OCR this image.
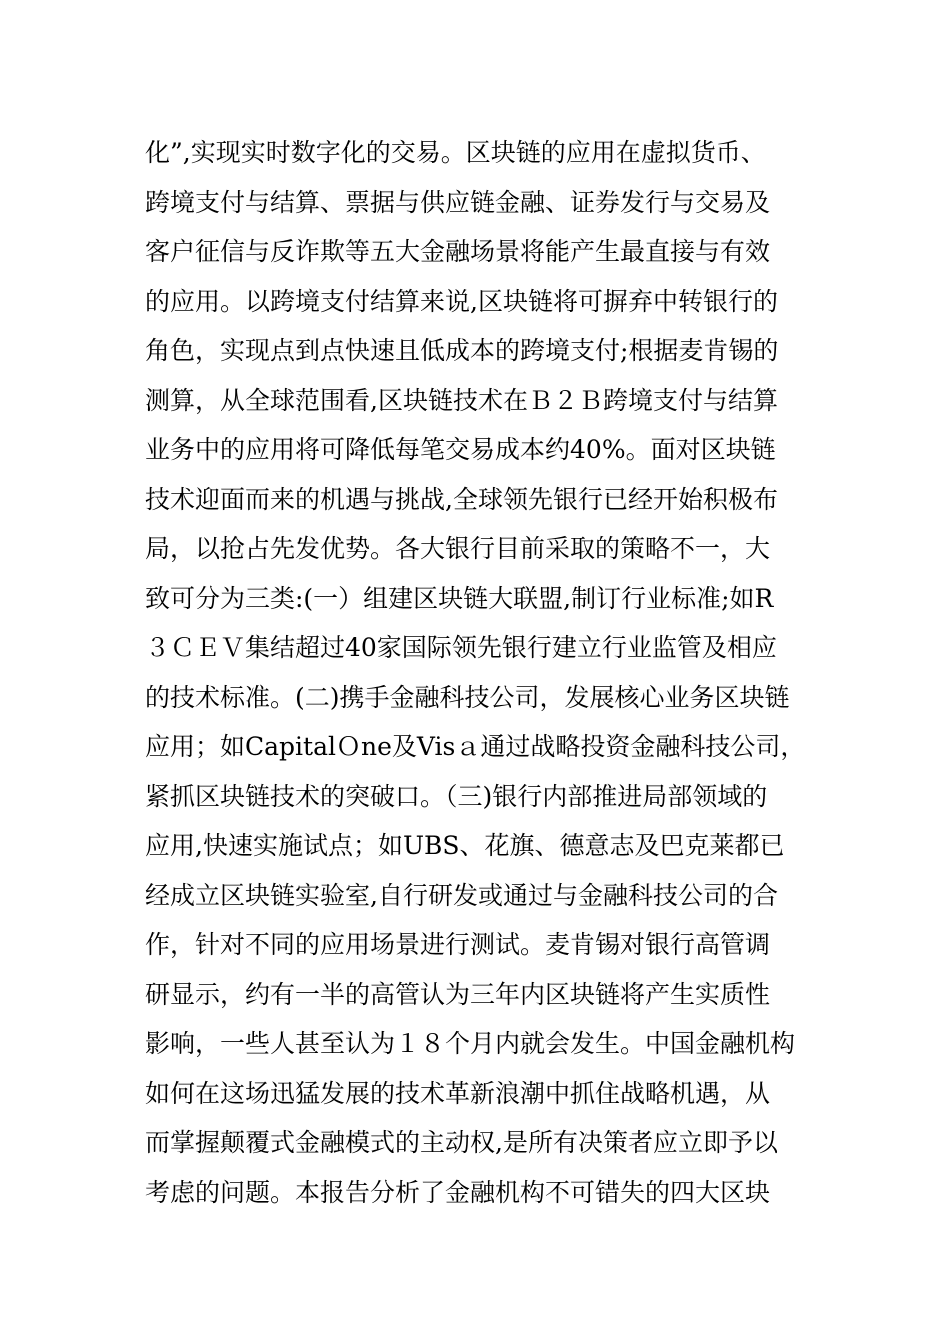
化”,实现实时数字化的交易。区块链的应用在虚拟货币、
跨境支付与结算、票据与供应链金融、证券发行与交易及
客户征信与反诈欺等五大金融场景将能产生最直接与有效
的应用。以跨境支付结算来说,区块链将可摒弃中转银行的
角色，实现点到点快速且低成本的跨境支付;根据麦肯锡的
测算，从全球范围看,区块链技术在Ｂ２Ｂ跨境支付与结算
业务中的应用将可降低每笔交易成本约40%。面对区块链
技术迎面而来的机遇与挑战,全球领先银行已经开始积极布
局，以抢占先发优势。各大银行目前采取的策略不一，大
致可分为三类:(一）组建区块链大联盟,制订行业标准;如R
３ＣＥＶ集结超过40家国际领先银行建立行业监管及相应
的技术标准。(二)携手金融科技公司，发展核心业务区块链
应用；如CapitalＯne及Visａ通过战略投资金融科技公司，
紧抓区块链技术的突破口。（三)银行内部推进局部领域的
应用,快速实施试点；如UBS、花旗、德意志及巴克莱都已
经成立区块链实验室,自行研发或通过与金融科技公司的合
作，针对不同的应用场景进行测试。麦肯锡对银行高管调
研显示，约有一半的高管认为三年内区块链将产生实质性
影响，一些人甚至认为１８个月内就会发生。中国金融机构
如何在这场迅猛发展的技术革新浪潮中抓住战略机遇，从
而掌握颠覆式金融模式的主动权,是所有决策者应立即予以
考虑的问题。本报告分析了金融机构不可错失的四大区块
